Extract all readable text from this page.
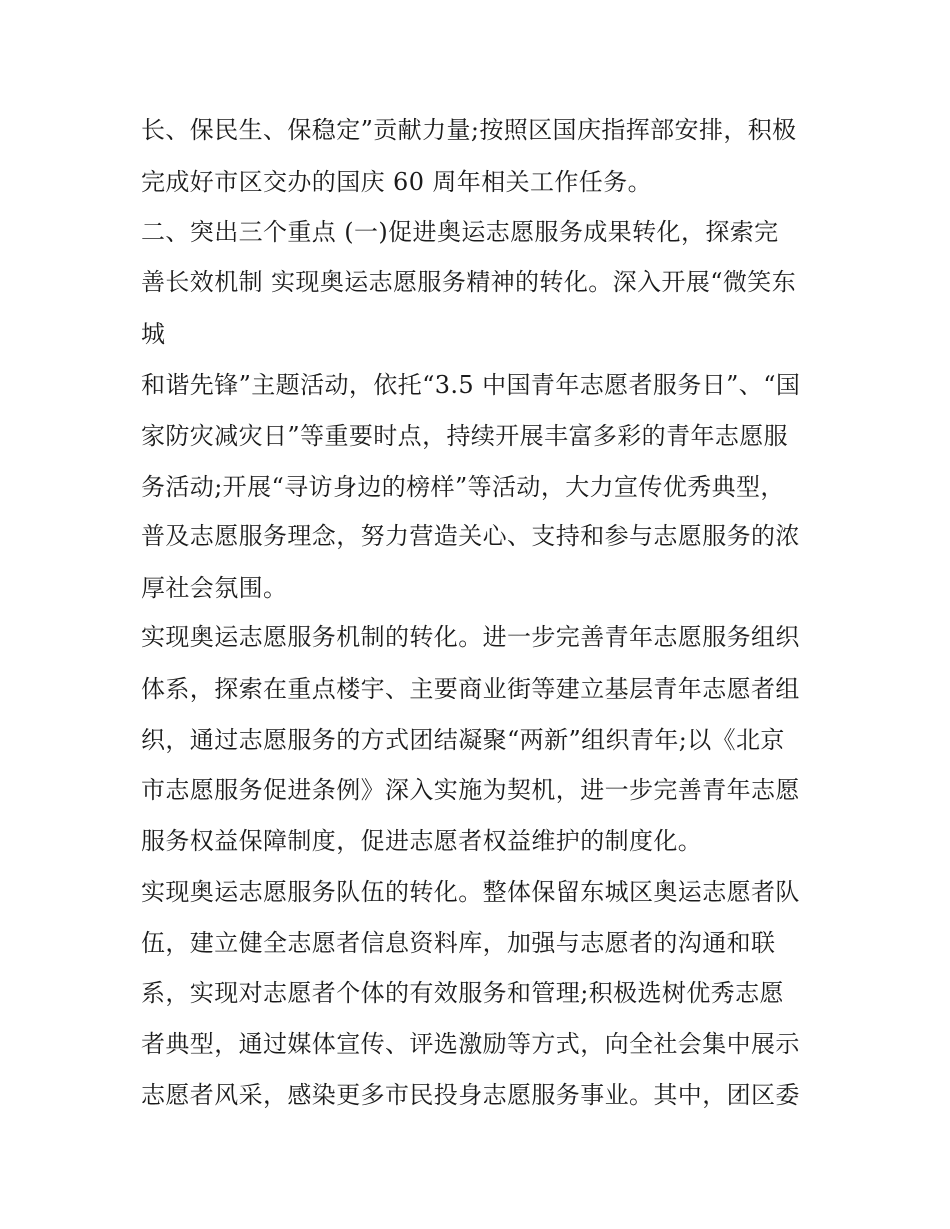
长、保民生、保稳定”贡献力量;按照区国庆指挥部安排，积极
完成好市区交办的国庆 60 周年相关工作任务。
二、突出三个重点 (一)促进奥运志愿服务成果转化，探索完
善长效机制 实现奥运志愿服务精神的转化。深入开展“微笑东
城
和谐先锋”主题活动，依托“3.5 中国青年志愿者服务日”、“国
家防灾减灾日”等重要时点，持续开展丰富多彩的青年志愿服
务活动;开展“寻访身边的榜样”等活动，大力宣传优秀典型，
普及志愿服务理念，努力营造关心、支持和参与志愿服务的浓
厚社会氛围。
实现奥运志愿服务机制的转化。进一步完善青年志愿服务组织
体系，探索在重点楼宇、主要商业街等建立基层青年志愿者组
织，通过志愿服务的方式团结凝聚“两新”组织青年;以《北京
市志愿服务促进条例》深入实施为契机，进一步完善青年志愿
服务权益保障制度，促进志愿者权益维护的制度化。
实现奥运志愿服务队伍的转化。整体保留东城区奥运志愿者队
伍，建立健全志愿者信息资料库，加强与志愿者的沟通和联
系，实现对志愿者个体的有效服务和管理;积极选树优秀志愿
者典型，通过媒体宣传、评选激励等方式，向全社会集中展示
志愿者风采，感染更多市民投身志愿服务事业。其中，团区委
